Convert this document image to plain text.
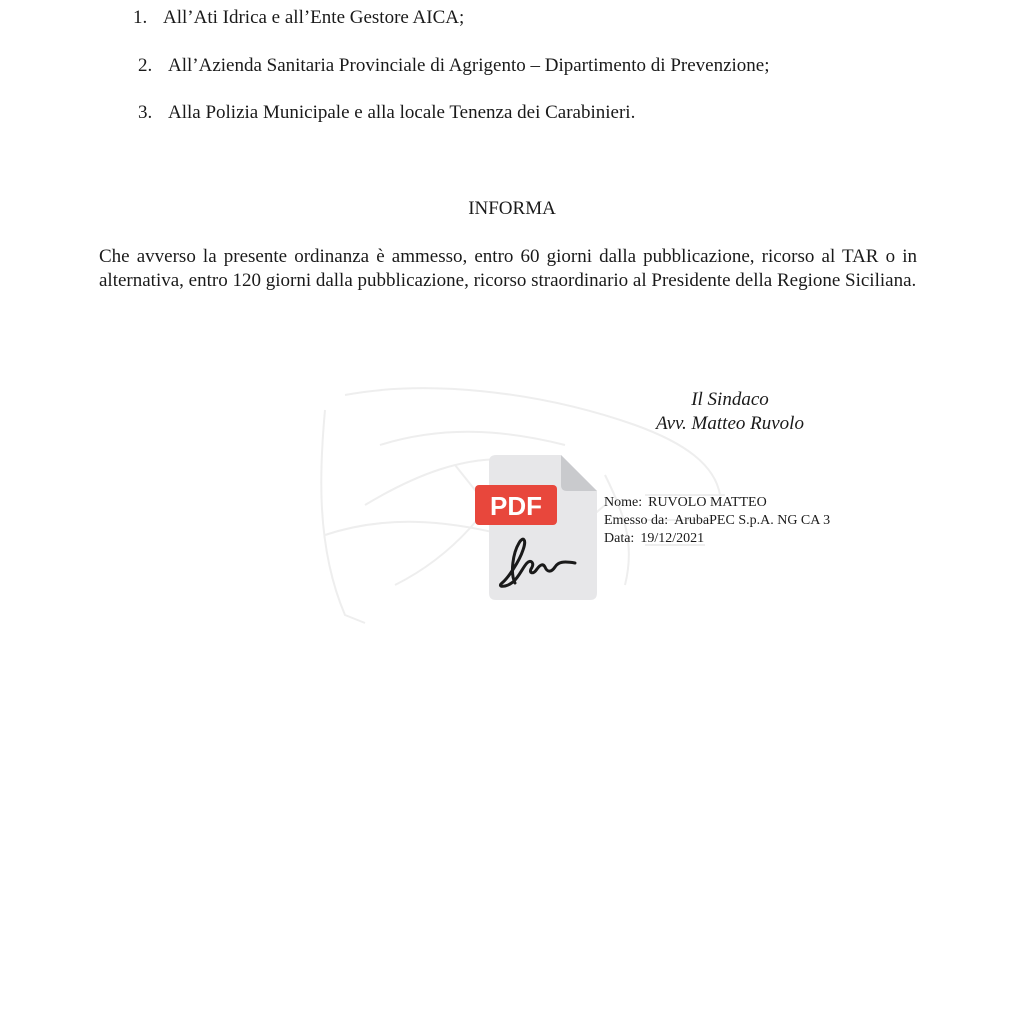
1. All’Ati Idrica e all’Ente Gestore AICA;
2. All’Azienda Sanitaria Provinciale di Agrigento – Dipartimento di Prevenzione;
3. Alla Polizia Municipale e alla locale Tenenza dei Carabinieri.
INFORMA
Che avverso la presente ordinanza è ammesso, entro 60 giorni dalla pubblicazione, ricorso al TAR o in alternativa, entro 120 giorni dalla pubblicazione, ricorso straordinario al Presidente della Regione Siciliana.
Il Sindaco
Avv. Matteo Ruvolo
PDF	Nome: RUVOLO MATTEO
Emesso da: ArubaPEC S.p.A. NG CA 3
Data: 19/12/2021
